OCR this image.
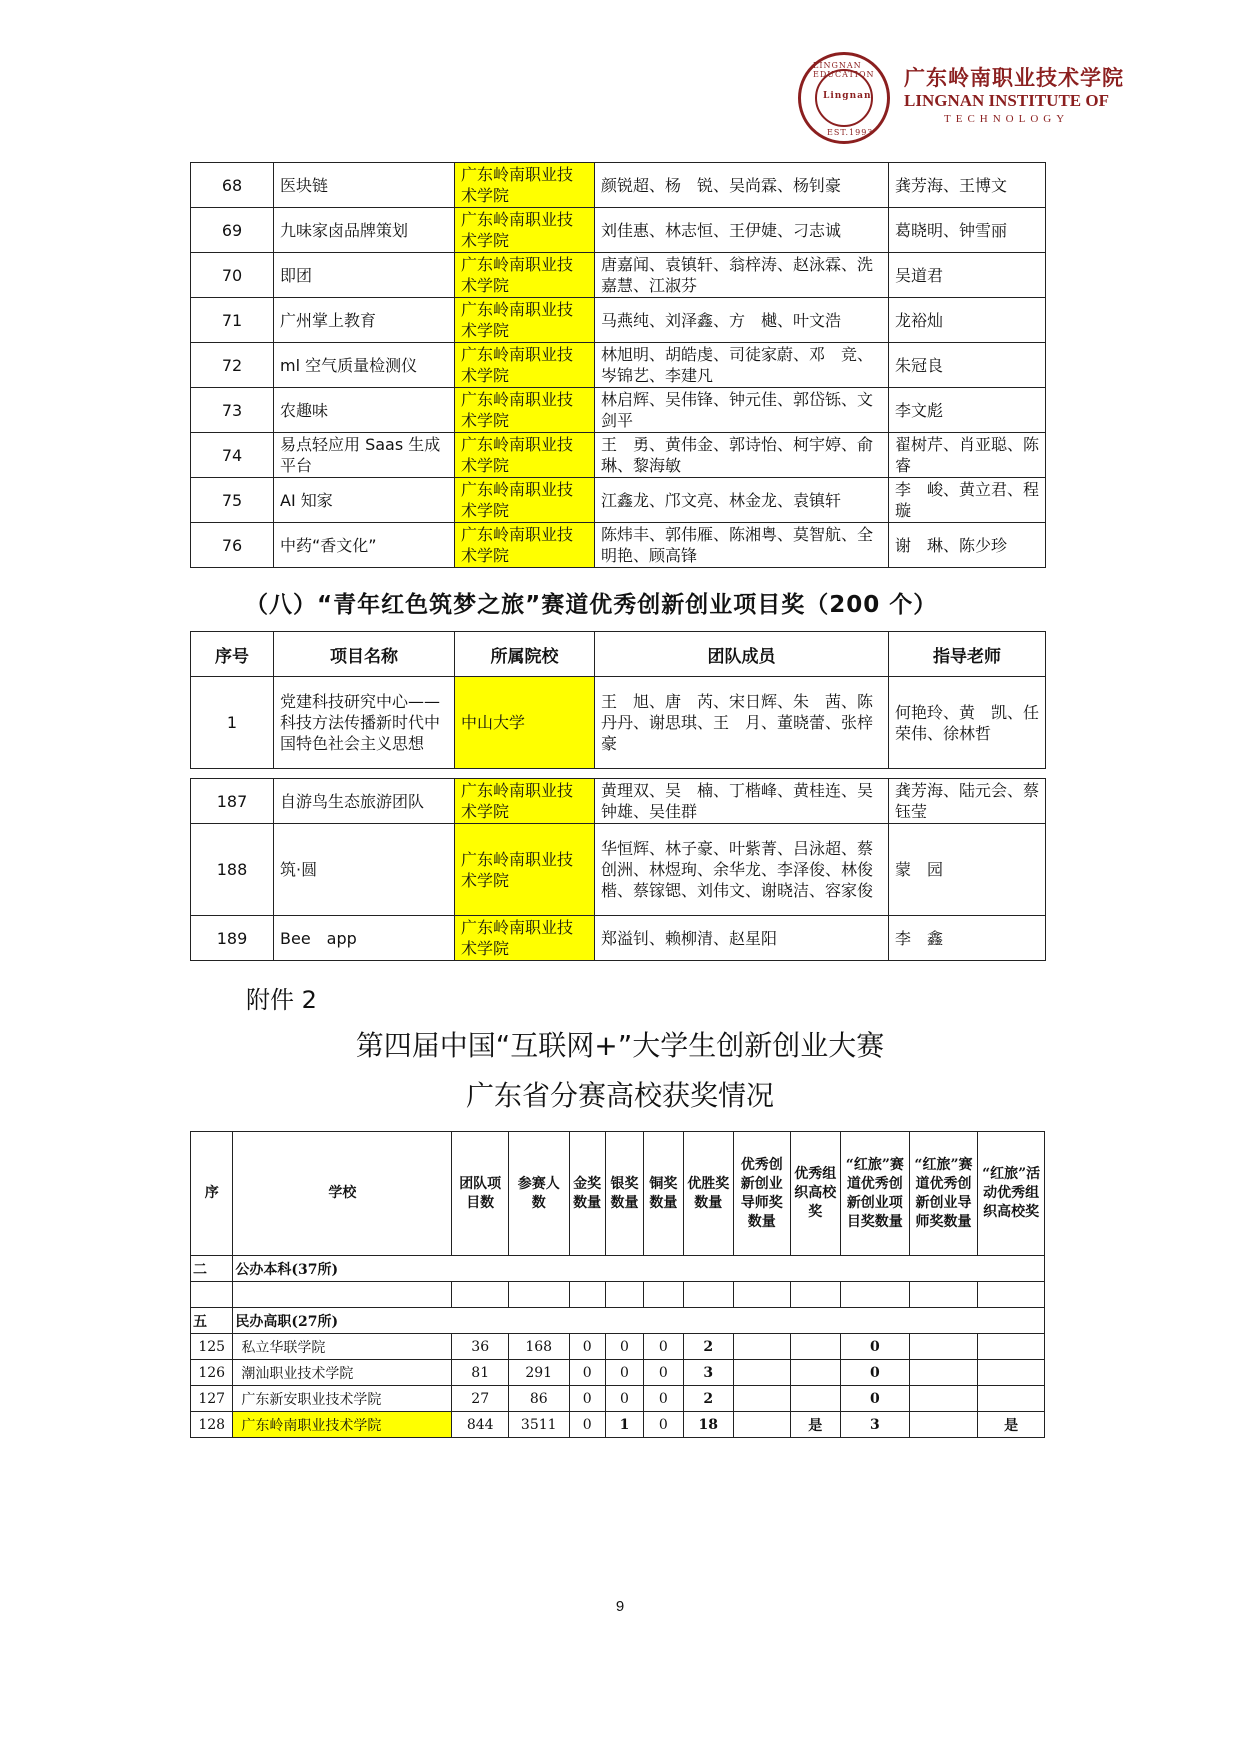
LINGNAN EDUCATION
Lingnan
EST.1993
广东岭南职业技术学院
LINGNAN INSTITUTE OF
TECHNOLOGY
68	医块链	广东岭南职业技术学院	颜锐超、杨　锐、吴尚霖、杨钊豪	龚芳海、王博文
69	九味家卤品牌策划	广东岭南职业技术学院	刘佳惠、林志恒、王伊婕、刁志诚	葛晓明、钟雪丽
70	即团	广东岭南职业技术学院	唐嘉闻、袁镇轩、翁梓涛、赵泳霖、洗嘉慧、江淑芬	吴道君
71	广州掌上教育	广东岭南职业技术学院	马燕纯、刘泽鑫、方　樾、叶文浩	龙裕灿
72	ml 空气质量检测仪	广东岭南职业技术学院	林旭明、胡皓虔、司徒家蔚、邓　竞、岑锦艺、李建凡	朱冠良
73	农趣味	广东岭南职业技术学院	林启辉、吴伟锋、钟元佳、郭岱铄、文剑平	李文彪
74	易点轻应用 Saas 生成平台	广东岭南职业技术学院	王　勇、黄伟金、郭诗怡、柯宇婷、俞　琳、黎海敏	翟树芹、肖亚聪、陈　睿
75	AI 知家	广东岭南职业技术学院	江鑫龙、邝文亮、林金龙、袁镇轩	李　峻、黄立君、程　璇
76	中药“香文化”	广东岭南职业技术学院	陈炜丰、郭伟雁、陈湘粤、莫智航、全明艳、顾高锋	谢　琳、陈少珍
（八）“青年红色筑梦之旅”赛道优秀创新创业项目奖（200 个）
序号	项目名称	所属院校	团队成员	指导老师
1	党建科技研究中心——科技方法传播新时代中国特色社会主义思想	中山大学	王　旭、唐　芮、宋日辉、朱　茜、陈丹丹、谢思琪、王　月、董晓蕾、张梓豪	何艳玲、黄　凯、任荣伟、徐林哲
187	自游鸟生态旅游团队	广东岭南职业技术学院	黄理双、吴　楠、丁楷峰、黄桂连、吴钟雄、吴佳群	龚芳海、陆元会、蔡钰莹
188	筑·圆	广东岭南职业技术学院	华恒辉、林子豪、叶紫菁、吕泳超、蔡创洲、林煜珣、余华龙、李泽俊、林俊楷、蔡镓锶、刘伟文、谢晓洁、容家俊	蒙　园
189	Bee　app	广东岭南职业技术学院	郑溢钊、赖柳清、赵星阳	李　鑫
附件 2
第四届中国“互联网+”大学生创新创业大赛
广东省分赛高校获奖情况
序	学校	团队项目数	参赛人数	金奖数量	银奖数量	铜奖数量	优胜奖数量	优秀创新创业导师奖数量	优秀组织高校奖	“红旅”赛道优秀创新创业项目奖数量	“红旅”赛道优秀创新创业导师奖数量	“红旅”活动优秀组织高校奖
二	公办本科(37所)											

五	民办高职(27所)											
125	私立华联学院	36	168	0	0	0	2			0		
126	潮汕职业技术学院	81	291	0	0	0	3			0		
127	广东新安职业技术学院	27	86	0	0	0	2			0		
128	广东岭南职业技术学院	844	3511	0	1	0	18		是	3		是
9
